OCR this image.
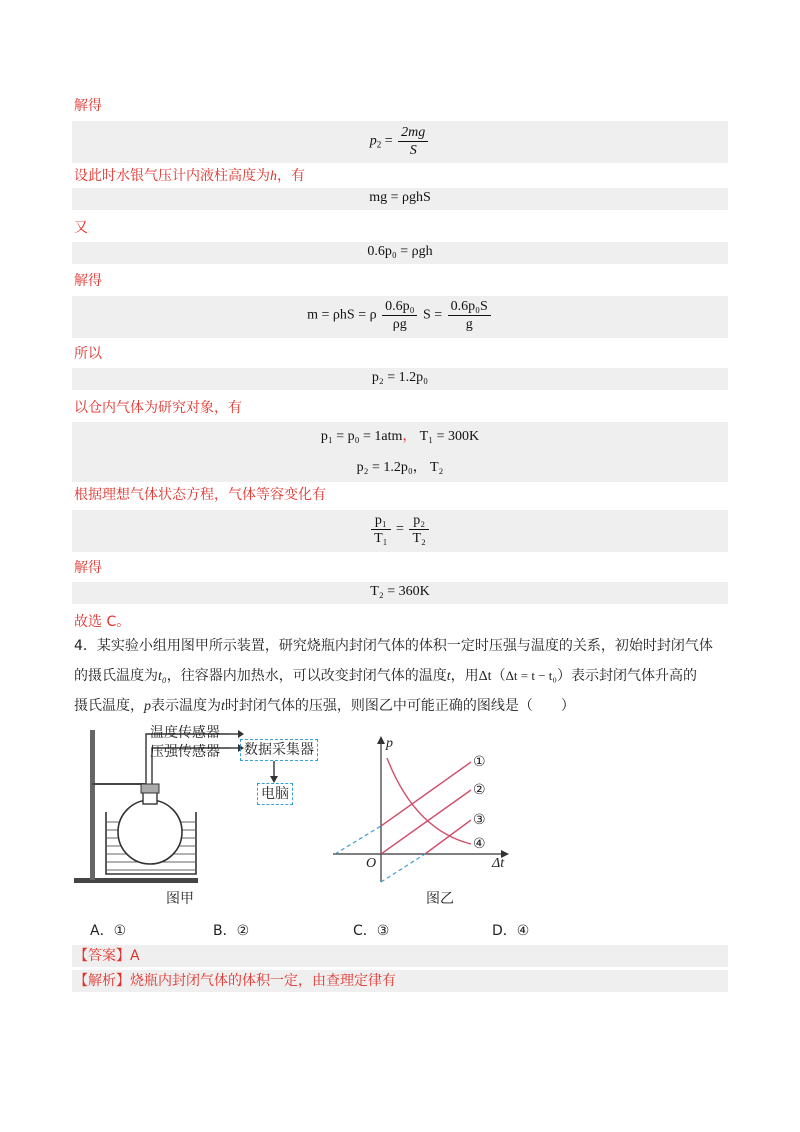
解得
$p_2 = \frac{2mg}{S}$
设此时水银气压计内液柱高度为h，有
mg = ρghS
又
0.6p₀ = ρgh
解得
m = ρhS = ρ $\frac{\text{0.6p₀}}{\rho g}$ $S = \frac{\text{0.6p₀S}}{g}$
所以
p₂ = 1.2p₀
以仓内气体为研究对象，有
p₁ = p₀ = 1atm， T₁ = 300K
p₂ = 1.2p₀， T₂
根据理想气体状态方程，气体等容变化有
$\frac{\text{p₁}}{\text{T₁}} = \frac{\text{p₂}}{\text{T₂}}$
解得
T₂ = 360K
故选 C。
4．某实验小组用图甲所示装置，研究烧瓶内封闭气体的体积一定时压强与温度的关系，初始时封闭气体
的摄氏温度为t₀，往容器内加热水，可以改变封闭气体的温度t，用Δt（Δt = t − t₀）表示封闭气体升高的
摄氏温度，p表示温度为t时封闭气体的压强，则图乙中可能正确的图线是（　　）
温度传感器
压强传感器 数据采集器
电脑
图甲
p
Δt
O
①
②
③
④
图乙
A．①	B．②	C．③	D．④
【答案】A
【解析】烧瓶内封闭气体的体积一定，由查理定律有
